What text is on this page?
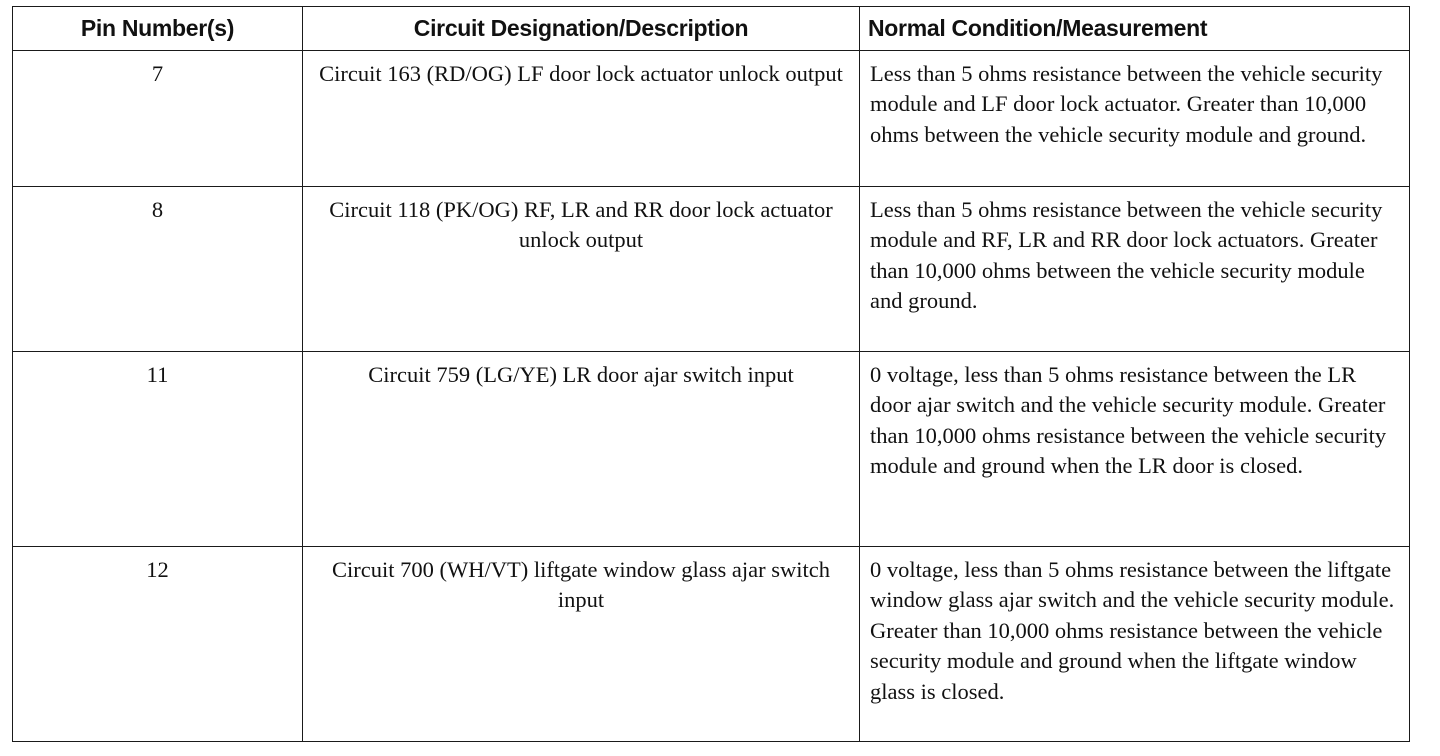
Pin Number(s)	Circuit Designation/Description	Normal Condition/Measurement
7	Circuit 163 (RD/OG) LF door lock actuator unlock output	Less than 5 ohms resistance between the vehicle security module and LF door lock actuator. Greater than 10,000 ohms between the vehicle security module and ground.
8	Circuit 118 (PK/OG) RF, LR and RR door lock actuator unlock output	Less than 5 ohms resistance between the vehicle security module and RF, LR and RR door lock actuators. Greater than 10,000 ohms between the vehicle security module and ground.
11	Circuit 759 (LG/YE) LR door ajar switch input	0 voltage, less than 5 ohms resistance between the LR door ajar switch and the vehicle security module. Greater than 10,000 ohms resistance between the vehicle security module and ground when the LR door is closed.
12	Circuit 700 (WH/VT) liftgate window glass ajar switch input	0 voltage, less than 5 ohms resistance between the liftgate window glass ajar switch and the vehicle security module. Greater than 10,000 ohms resistance between the vehicle security module and ground when the liftgate window glass is closed.
